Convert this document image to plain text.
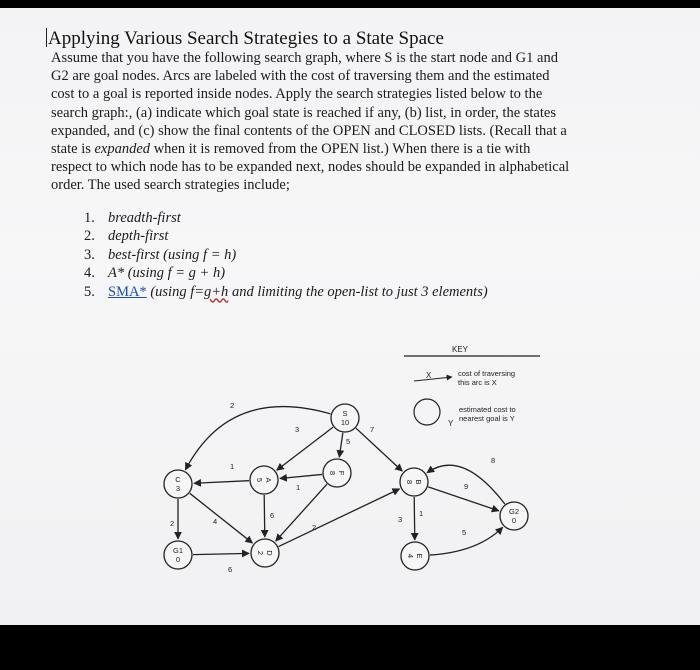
Applying Various Search Strategies to a State Space

Assume that you have the following search graph, where S is the start node and G1 and

G2 are goal nodes. Arcs are labeled with the cost of traversing them and the estimated

cost to a goal is reported inside nodes. Apply the search strategies listed below to the

search graph:, (a) indicate which goal state is reached if any, (b) list, in order, the states

expanded, and (c) show the final contents of the OPEN and CLOSED lists. (Recall that a

state is expanded when it is removed from the OPEN list.) When there is a tie with

respect to which node has to be expanded next, nodes should be expanded in alphabetical

order. The used search strategies include;

1. breadth-first
2. depth-first
3. best-first (using f = h)
4. A* (using f = g + h)
5. SMA* (using f=g+h and limiting the open-list to just 3 elements)
KEY
X	cost of traversing
this arc is X
Y
estimated cost to
nearest goal is Y
2
3
5
7
1
6
1
2
2	4
6
3
1
9
8
5
S
10
A
5	B
8
C
3
D
2
E
4
F
8
G1
0
G2
0
